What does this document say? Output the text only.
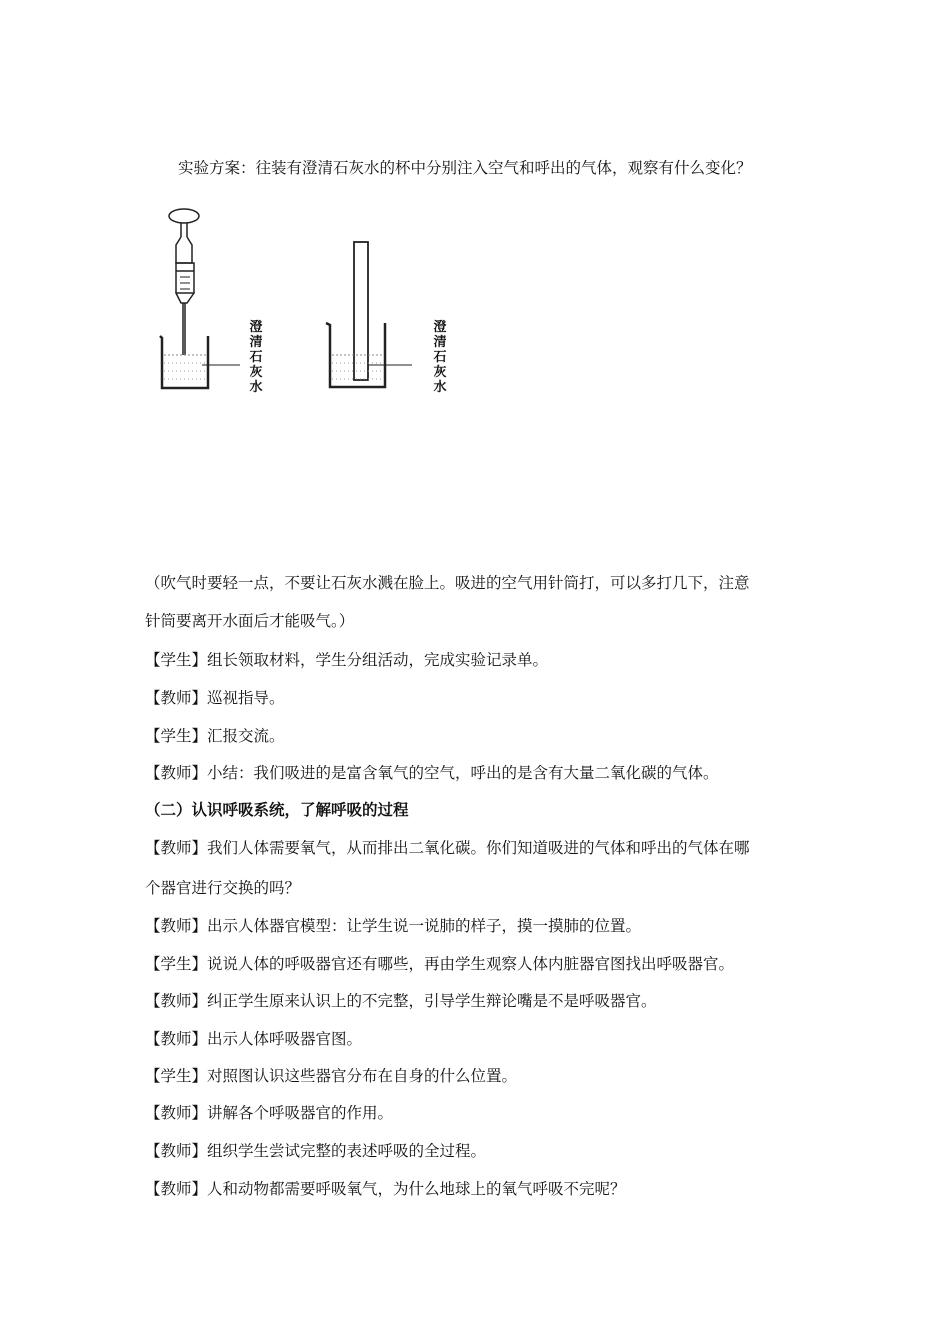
实验方案：往装有澄清石灰水的杯中分别注入空气和呼出的气体，观察有什么变化？
澄清石灰水
澄清石灰水
（吹气时要轻一点，不要让石灰水溅在脸上。吸进的空气用针筒打，可以多打几下，注意
针筒要离开水面后才能吸气。）
【学生】组长领取材料，学生分组活动，完成实验记录单。
【教师】巡视指导。
【学生】汇报交流。
【教师】小结：我们吸进的是富含氧气的空气，呼出的是含有大量二氧化碳的气体。
（二）认识呼吸系统，了解呼吸的过程
【教师】我们人体需要氧气，从而排出二氧化碳。你们知道吸进的气体和呼出的气体在哪
个器官进行交换的吗？
【教师】出示人体器官模型：让学生说一说肺的样子，摸一摸肺的位置。
【学生】说说人体的呼吸器官还有哪些，再由学生观察人体内脏器官图找出呼吸器官。
【教师】纠正学生原来认识上的不完整，引导学生辩论嘴是不是呼吸器官。
【教师】出示人体呼吸器官图。
【学生】对照图认识这些器官分布在自身的什么位置。
【教师】讲解各个呼吸器官的作用。
【教师】组织学生尝试完整的表述呼吸的全过程。
【教师】人和动物都需要呼吸氧气，为什么地球上的氧气呼吸不完呢？
